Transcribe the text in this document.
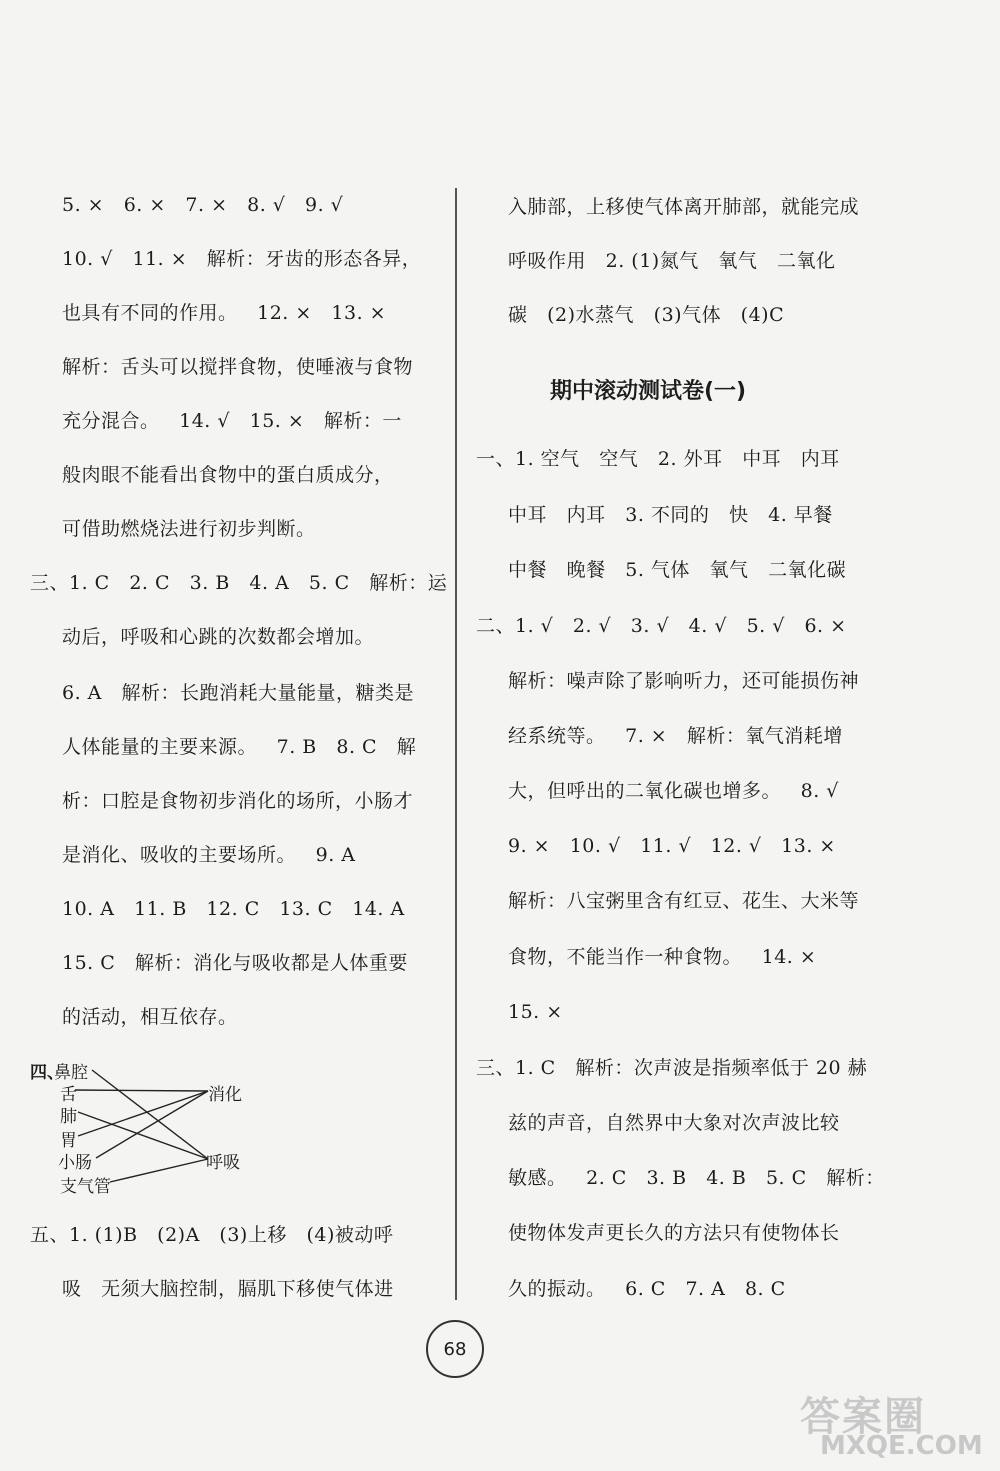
5. ×   6. ×   7. ×   8. √   9. √
10. √   11. ×   解析：牙齿的形态各异，
也具有不同的作用。   12. ×   13. ×
解析：舌头可以搅拌食物，使唾液与食物
充分混合。   14. √   15. ×   解析：一
般肉眼不能看出食物中的蛋白质成分，
可借助燃烧法进行初步判断。
三、1. C   2. C   3. B   4. A   5. C   解析：运
动后，呼吸和心跳的次数都会增加。
6. A   解析：长跑消耗大量能量，糖类是
人体能量的主要来源。   7. B   8. C   解
析：口腔是食物初步消化的场所，小肠才
是消化、吸收的主要场所。   9. A
10. A   11. B   12. C   13. C   14. A
15. C   解析：消化与吸收都是人体重要
的活动，相互依存。
四、
鼻腔
舌
肺
胃
小肠
支气管
消化
呼吸
五、1. (1)B   (2)A   (3)上移   (4)被动呼
吸   无须大脑控制，膈肌下移使气体进
入肺部，上移使气体离开肺部，就能完成
呼吸作用   2. (1)氮气   氧气   二氧化
碳   (2)水蒸气   (3)气体   (4)C
期中滚动测试卷(一)
一、1. 空气   空气   2. 外耳   中耳   内耳
中耳   内耳   3. 不同的   快   4. 早餐
中餐   晚餐   5. 气体   氧气   二氧化碳
二、1. √   2. √   3. √   4. √   5. √   6. ×
解析：噪声除了影响听力，还可能损伤神
经系统等。   7. ×   解析：氧气消耗增
大，但呼出的二氧化碳也增多。   8. √
9. ×   10. √   11. √   12. √   13. ×
解析：八宝粥里含有红豆、花生、大米等
食物，不能当作一种食物。   14. ×
15. ×
三、1. C   解析：次声波是指频率低于 20 赫
兹的声音，自然界中大象对次声波比较
敏感。   2. C   3. B   4. B   5. C   解析：
使物体发声更长久的方法只有使物体长
久的振动。   6. C   7. A   8. C
68
答案圈
MXQE.COM
